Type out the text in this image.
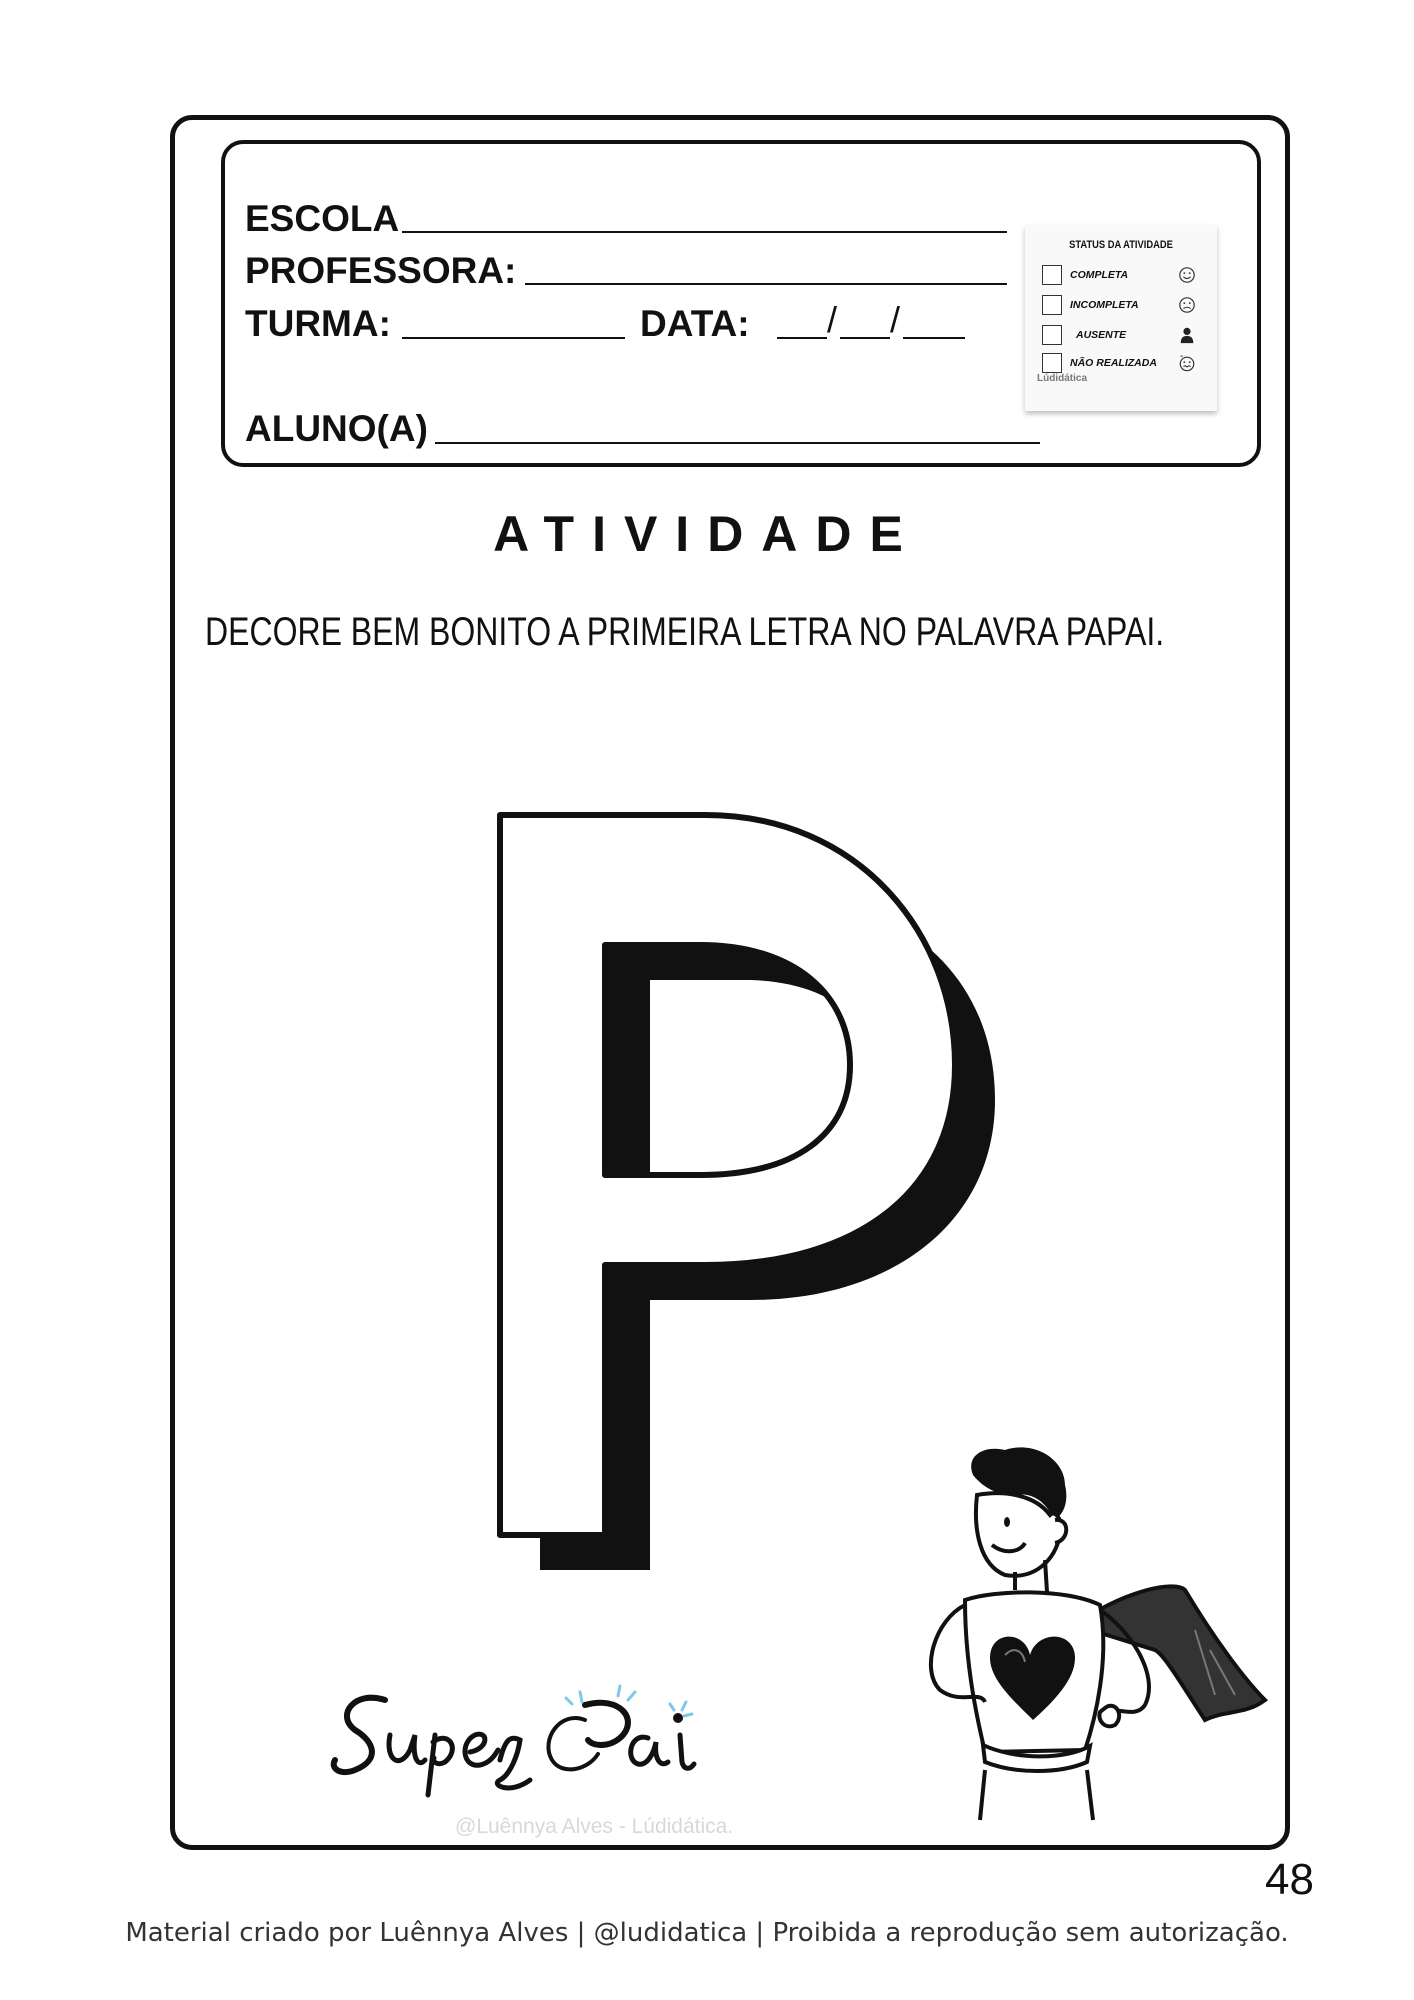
ESCOLA
PROFESSORA:
TURMA:	DATA: / /
ALUNO(A)
STATUS DA ATIVIDADE
COMPLETA
INCOMPLETA
AUSENTE
NÃO REALIZADA
Lúdidática
ATIVIDADE
DECORE BEM BONITO A PRIMEIRA LETRA NO PALAVRA PAPAI.
@Luênnya Alves - Lúdidática.
48
Material criado por Luênnya Alves | @ludidatica | Proibida a reprodução sem autorização.
